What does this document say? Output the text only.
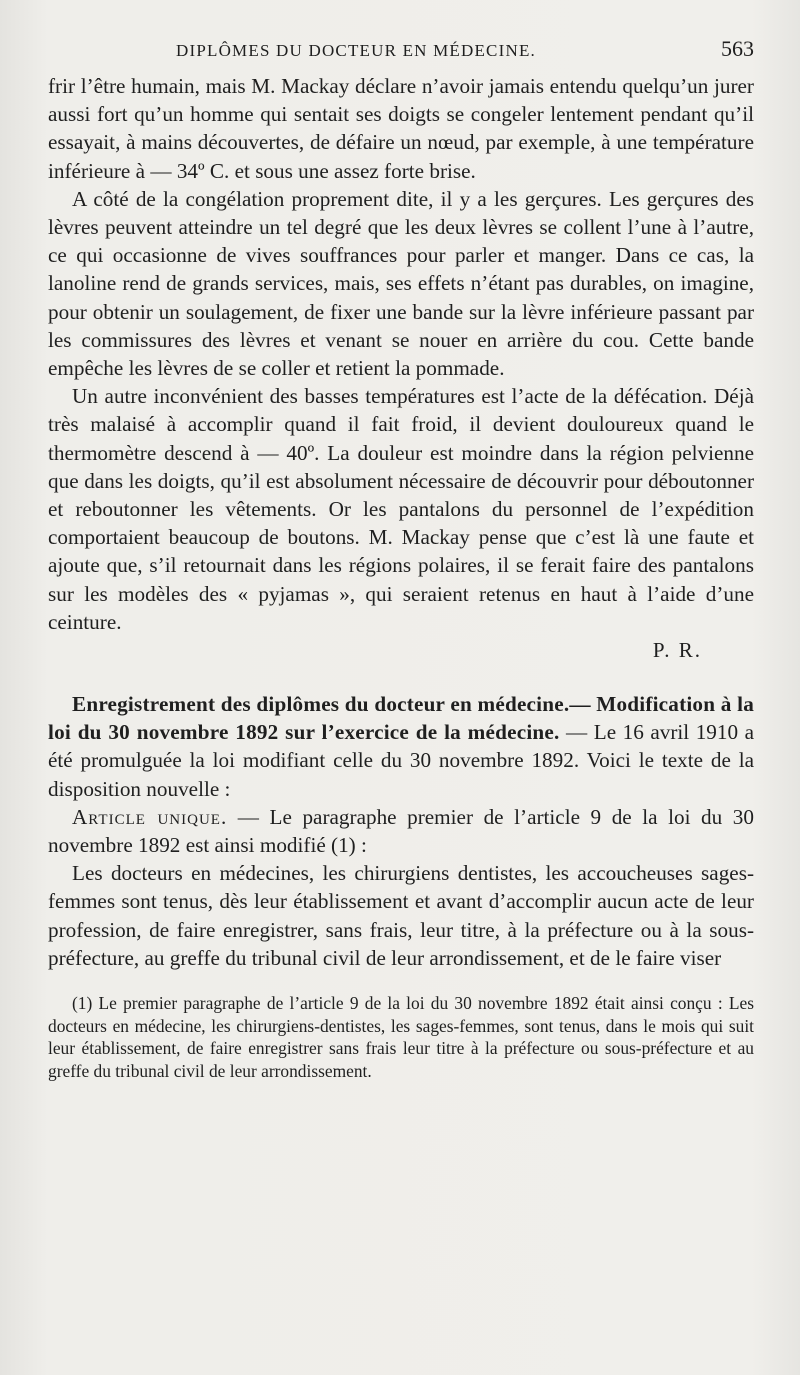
DIPLÔMES DU DOCTEUR EN MÉDECINE.	563

frir l’être humain, mais M. Mackay déclare n’avoir jamais entendu quelqu’un jurer aussi fort qu’un homme qui sentait ses doigts se congeler lentement pendant qu’il essayait, à mains découvertes, de défaire un nœud, par exemple, à une température inférieure à — 34º C. et sous une assez forte brise.

A côté de la congélation proprement dite, il y a les gerçures. Les gerçures des lèvres peuvent atteindre un tel degré que les deux lèvres se collent l’une à l’autre, ce qui occasionne de vives souffrances pour parler et manger. Dans ce cas, la lanoline rend de grands services, mais, ses effets n’étant pas durables, on imagine, pour obtenir un soulagement, de fixer une bande sur la lèvre inférieure passant par les commissures des lèvres et venant se nouer en arrière du cou. Cette bande empêche les lèvres de se coller et retient la pommade.

Un autre inconvénient des basses températures est l’acte de la défécation. Déjà très malaisé à accomplir quand il fait froid, il devient douloureux quand le thermomètre descend à — 40º. La douleur est moindre dans la région pelvienne que dans les doigts, qu’il est absolument nécessaire de découvrir pour déboutonner et reboutonner les vêtements. Or les pantalons du personnel de l’expédition comportaient beaucoup de boutons. M. Mackay pense que c’est là une faute et ajoute que, s’il retournait dans les régions polaires, il se ferait faire des pantalons sur les modèles des « pyjamas », qui seraient retenus en haut à l’aide d’une ceinture.

P. R.

Enregistrement des diplômes du docteur en médecine.— Modification à la loi du 30 novembre 1892 sur l’exercice de la médecine. — Le 16 avril 1910 a été promulguée la loi modifiant celle du 30 novembre 1892. Voici le texte de la disposition nouvelle :

Article unique. — Le paragraphe premier de l’article 9 de la loi du 30 novembre 1892 est ainsi modifié (1) :

Les docteurs en médecines, les chirurgiens dentistes, les accoucheuses sages-femmes sont tenus, dès leur établissement et avant d’accomplir aucun acte de leur profession, de faire enregistrer, sans frais, leur titre, à la préfecture ou à la sous-préfecture, au greffe du tribunal civil de leur arrondissement, et de le faire viser

(1) Le premier paragraphe de l’article 9 de la loi du 30 novembre 1892 était ainsi conçu : Les docteurs en médecine, les chirurgiens-dentistes, les sages-femmes, sont tenus, dans le mois qui suit leur établissement, de faire enregistrer sans frais leur titre à la préfecture ou sous-préfecture et au greffe du tribunal civil de leur arrondissement.
